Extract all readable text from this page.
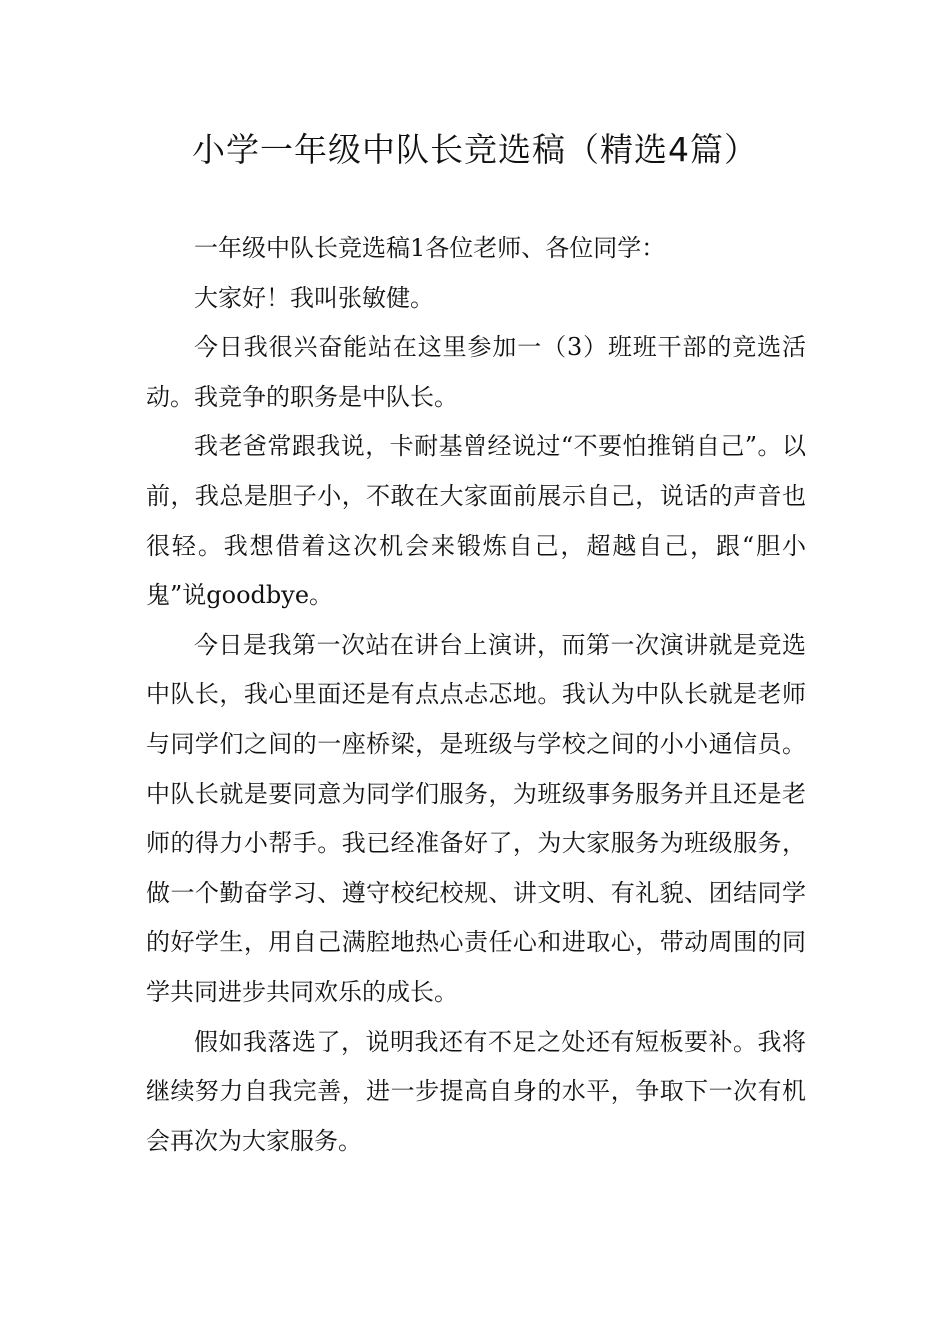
小学一年级中队长竞选稿（精选4篇）

一年级中队长竞选稿1各位老师、各位同学：

大家好！我叫张敏健。

今日我很兴奋能站在这里参加一（3）班班干部的竞选活动。我竞争的职务是中队长。

我老爸常跟我说，卡耐基曾经说过“不要怕推销自己”。以前，我总是胆子小，不敢在大家面前展示自己，说话的声音也很轻。我想借着这次机会来锻炼自己，超越自己，跟“胆小鬼”说goodbye。

今日是我第一次站在讲台上演讲，而第一次演讲就是竞选中队长，我心里面还是有点点忐忑地。我认为中队长就是老师与同学们之间的一座桥梁，是班级与学校之间的小小通信员。中队长就是要同意为同学们服务，为班级事务服务并且还是老师的得力小帮手。我已经准备好了，为大家服务为班级服务，做一个勤奋学习、遵守校纪校规、讲文明、有礼貌、团结同学的好学生，用自己满腔地热心责任心和进取心，带动周围的同学共同进步共同欢乐的成长。

假如我落选了，说明我还有不足之处还有短板要补。我将继续努力自我完善，进一步提高自身的水平，争取下一次有机会再次为大家服务。
